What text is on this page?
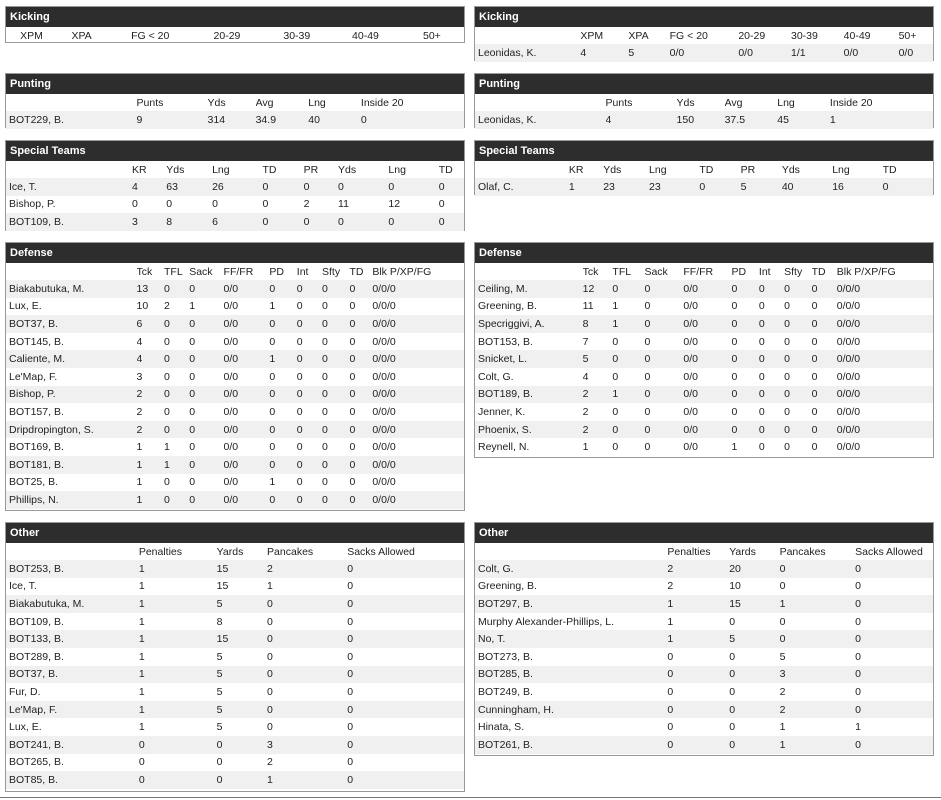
Kicking
XPM	XPA	FG < 20	20-29	30-39	40-49	50+
Punting
	Punts	Yds	Avg	Lng	Inside 20
BOT229, B.	9	314	34.9	40	0
Special Teams
	KR	Yds	Lng	TD	PR	Yds	Lng	TD
Ice, T.	4	63	26	0	0	0	0	0
Bishop, P.	0	0	0	0	2	11	12	0
BOT109, B.	3	8	6	0	0	0	0	0
Defense
	Tck	TFL	Sack	FF/FR	PD	Int	Sfty	TD	Blk P/XP/FG
Biakabutuka, M.	13	0	0	0/0	0	0	0	0	0/0/0
Lux, E.	10	2	1	0/0	1	0	0	0	0/0/0
BOT37, B.	6	0	0	0/0	0	0	0	0	0/0/0
BOT145, B.	4	0	0	0/0	0	0	0	0	0/0/0
Caliente, M.	4	0	0	0/0	1	0	0	0	0/0/0
Le'Map, F.	3	0	0	0/0	0	0	0	0	0/0/0
Bishop, P.	2	0	0	0/0	0	0	0	0	0/0/0
BOT157, B.	2	0	0	0/0	0	0	0	0	0/0/0
Dripdropington, S.	2	0	0	0/0	0	0	0	0	0/0/0
BOT169, B.	1	1	0	0/0	0	0	0	0	0/0/0
BOT181, B.	1	1	0	0/0	0	0	0	0	0/0/0
BOT25, B.	1	0	0	0/0	1	0	0	0	0/0/0
Phillips, N.	1	0	0	0/0	0	0	0	0	0/0/0
Other
	Penalties	Yards	Pancakes	Sacks Allowed
BOT253, B.	1	15	2	0
Ice, T.	1	15	1	0
Biakabutuka, M.	1	5	0	0
BOT109, B.	1	8	0	0
BOT133, B.	1	15	0	0
BOT289, B.	1	5	0	0
BOT37, B.	1	5	0	0
Fur, D.	1	5	0	0
Le'Map, F.	1	5	0	0
Lux, E.	1	5	0	0
BOT241, B.	0	0	3	0
BOT265, B.	0	0	2	0
BOT85, B.	0	0	1	0
Kicking
	XPM	XPA	FG < 20	20-29	30-39	40-49	50+
Leonidas, K.	4	5	0/0	0/0	1/1	0/0	0/0
Punting
	Punts	Yds	Avg	Lng	Inside 20
Leonidas, K.	4	150	37.5	45	1
Special Teams
	KR	Yds	Lng	TD	PR	Yds	Lng	TD
Olaf, C.	1	23	23	0	5	40	16	0
Defense
	Tck	TFL	Sack	FF/FR	PD	Int	Sfty	TD	Blk P/XP/FG
Ceiling, M.	12	0	0	0/0	0	0	0	0	0/0/0
Greening, B.	11	1	0	0/0	0	0	0	0	0/0/0
Specriggivi, A.	8	1	0	0/0	0	0	0	0	0/0/0
BOT153, B.	7	0	0	0/0	0	0	0	0	0/0/0
Snicket, L.	5	0	0	0/0	0	0	0	0	0/0/0
Colt, G.	4	0	0	0/0	0	0	0	0	0/0/0
BOT189, B.	2	1	0	0/0	0	0	0	0	0/0/0
Jenner, K.	2	0	0	0/0	0	0	0	0	0/0/0
Phoenix, S.	2	0	0	0/0	0	0	0	0	0/0/0
Reynell, N.	1	0	0	0/0	1	0	0	0	0/0/0
Other
	Penalties	Yards	Pancakes	Sacks Allowed
Colt, G.	2	20	0	0
Greening, B.	2	10	0	0
BOT297, B.	1	15	1	0
Murphy Alexander-Phillips, L.	1	0	0	0
No, T.	1	5	0	0
BOT273, B.	0	0	5	0
BOT285, B.	0	0	3	0
BOT249, B.	0	0	2	0
Cunningham, H.	0	0	2	0
Hinata, S.	0	0	1	1
BOT261, B.	0	0	1	0
